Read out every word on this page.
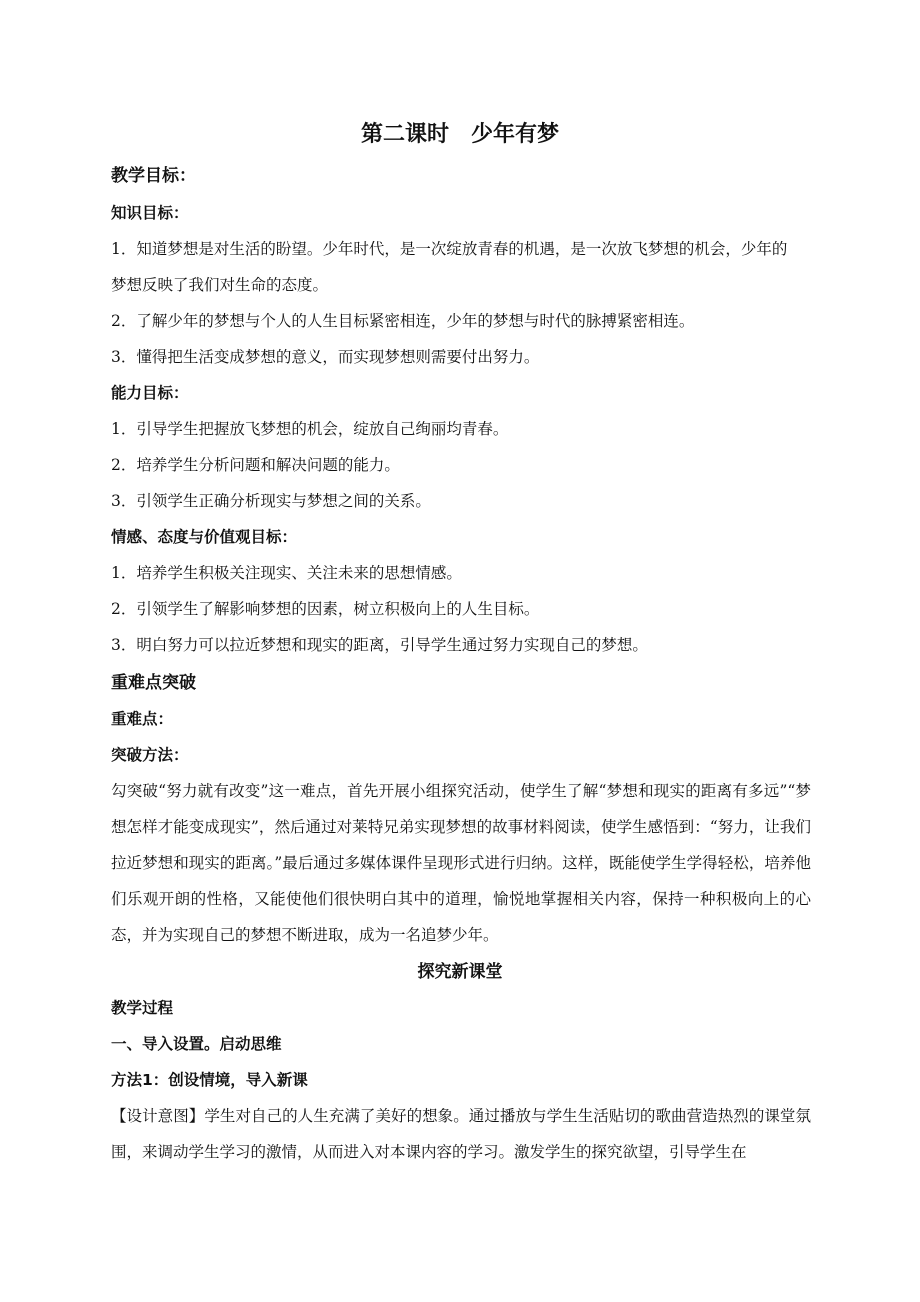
第二课时　少年有梦
教学目标：
知识目标：
1．知道梦想是对生活的盼望。少年时代，是一次绽放青春的机遇，是一次放飞梦想的机会，少年的
梦想反映了我们对生命的态度。
2．了解少年的梦想与个人的人生目标紧密相连，少年的梦想与时代的脉搏紧密相连。
3．懂得把生活变成梦想的意义，而实现梦想则需要付出努力。
能力目标：
1．引导学生把握放飞梦想的机会，绽放自己绚丽均青春。
2．培养学生分析问题和解决问题的能力。
3．引领学生正确分析现实与梦想之间的关系。
情感、态度与价值观目标：
1．培养学生积极关注现实、关注未来的思想情感。
2．引领学生了解影响梦想的因素，树立积极向上的人生目标。
3．明白努力可以拉近梦想和现实的距离，引导学生通过努力实现自己的梦想。
重难点突破
重难点：
突破方法：
勾突破“努力就有改变”这一难点，首先开展小组探究活动，使学生了解“梦想和现实的距离有多远”“梦想怎样才能变成现实”，然后通过对莱特兄弟实现梦想的故事材料阅读，使学生感悟到：“努力，让我们拉近梦想和现实的距离。”最后通过多媒体课件呈现形式进行归纳。这样，既能使学生学得轻松，培养他们乐观开朗的性格，又能使他们很快明白其中的道理，愉悦地掌握相关内容，保持一种积极向上的心态，并为实现自己的梦想不断进取，成为一名追梦少年。
探究新课堂
教学过程
一、导入设置。启动思维
方法1：创设情境，导入新课
【设计意图】学生对自己的人生充满了美好的想象。通过播放与学生生活贴切的歌曲营造热烈的课堂氛围，来调动学生学习的激情，从而进入对本课内容的学习。激发学生的探究欲望，引导学生在
